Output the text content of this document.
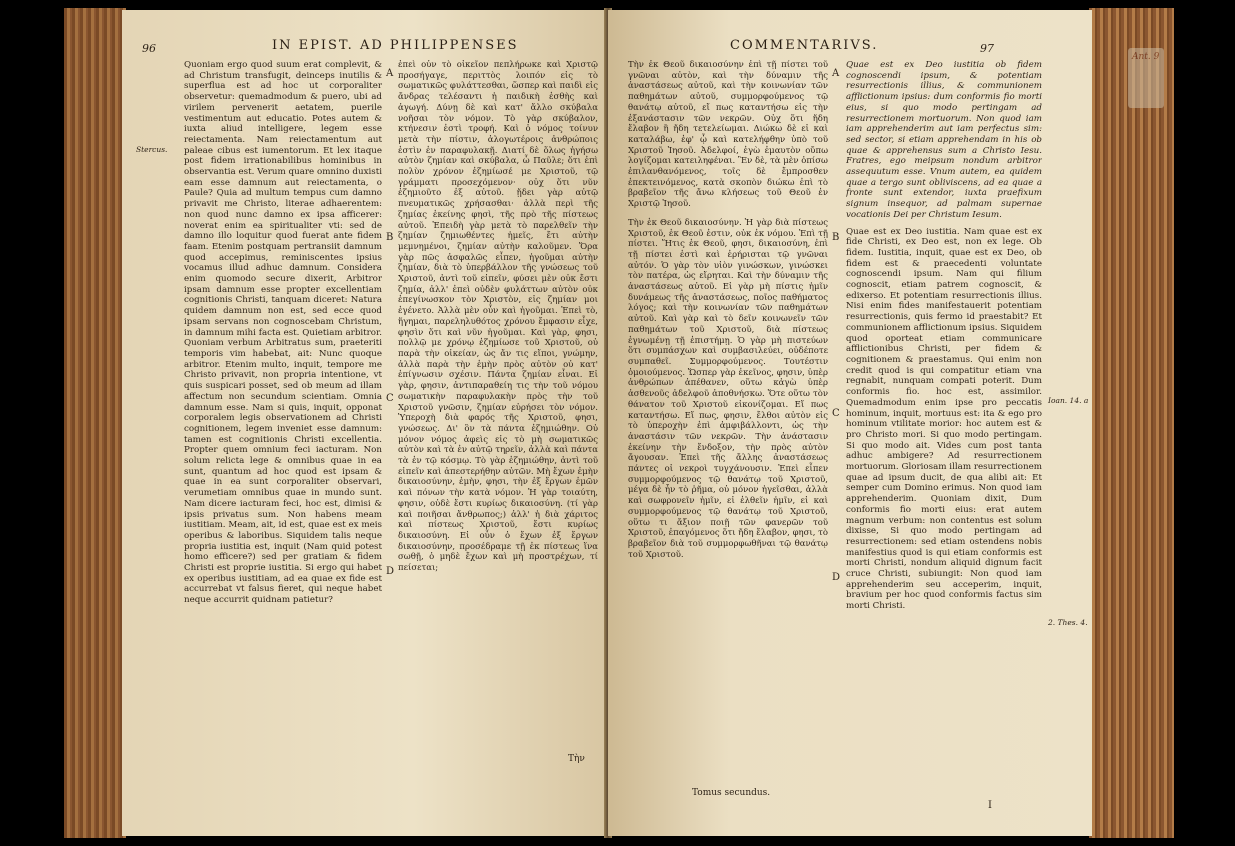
96	IN EPIST. AD PHILIPPENSES
Stercus.

Quoniam ergo quod suum erat complevit, & ad Christum transfugit, deinceps inutilis & superflua est ad hoc ut corporaliter observetur: quemadmodum & puero, ubi ad virilem pervenerit aetatem, puerile vestimentum aut educatio. Potes autem & iuxta aliud intelligere, legem esse reiectamenta. Nam reiectamentum aut paleae cibus est iumentorum. Et lex itaque post fidem irrationabilibus hominibus in observantia est. Verum quare omnino duxisti eam esse damnum aut reiectamenta, o Paule? Quia ad multum tempus cum damno privavit me Christo, literae adhaerentem: non quod nunc damno ex ipsa afficerer: noverat enim ea spiritualiter vti: sed de damno illo loquitur quod fuerat ante fidem faam. Etenim postquam pertransiit damnum quod accepimus, reminiscentes ipsius vocamus illud adhuc damnum. Considera enim quomodo secure dixerit, Arbitror ipsam damnum esse propter excellentiam cognitionis Christi, tanquam diceret: Natura quidem damnum non est, sed ecce quod ipsam servans non cognoscebam Christum, in damnum mihi facta est. Quietiam arbitror. Quoniam verbum Arbitratus sum, praeteriti temporis vim habebat, ait: Nunc quoque arbitror. Etenim multo, inquit, tempore me Christo privavit, non propria intentione, vt quis suspicari posset, sed ob meum ad illam affectum non secundum scientiam. Omnia damnum esse. Nam si quis, inquit, opponat corporalem legis observationem ad Christi cognitionem, legem inveniet esse damnum: tamen est cognitionis Christi excellentia. Propter quem omnium feci iacturam. Non solum relicta lege & omnibus quae in ea sunt, quantum ad hoc quod est ipsam & quae in ea sunt corporaliter observari, verumetiam omnibus quae in mundo sunt. Nam dicere iacturam feci, hoc est, dimisi & ipsis privatus sum. Non habens meam iustitiam. Meam, ait, id est, quae est ex meis operibus & laboribus. Siquidem talis neque propria iustitia est, inquit (Nam quid potest homo efficere?) sed per gratiam & fidem Christi est proprie iustitia. Si ergo qui habet ex operibus iustitiam, ad ea quae ex fide est accurrebat vt falsus fieret, qui neque habet neque accurrit quidnam patietur?

A
B
C
D

ἐπεὶ οὖν τὸ οἰκεῖον πεπλήρωκε καὶ Χριστῷ προσήγαγε, περιττὸς λοιπόν εἰς τὸ σωματικῶς φυλάττεσθαι, ὥσπερ καὶ παιδὶ εἰς ἄνδρας τελέσαντι ἡ παιδικὴ ἐσθὴς καὶ ἀγωγή. Δύνῃ δὲ καὶ κατ' ἄλλο σκύβαλα νοῆσαι τὸν νόμον. Τὸ γὰρ σκύβαλον, κτήνεσιν ἐστὶ τροφή. Καὶ ὁ νόμος τοίνυν μετὰ τὴν πίστιν, ἀλογωτέροις ἀνθρώποις ἐστὶν ἐν παραφυλακῇ. Διατί δὲ ὅλως ἡγήσω αὐτὸν ζημίαν καὶ σκύβαλα, ὦ Παῦλε; ὅτι ἐπὶ πολὺν χρόνον ἐζημίωσέ με Χριστοῦ, τῷ γράμματι προσεχόμενον· οὐχ ὅτι νῦν ἐζημιοῦτο ἐξ αὐτοῦ. ᾔδει γὰρ αὐτῷ πνευματικῶς χρήσασθαι· ἀλλὰ περὶ τῆς ζημίας ἐκείνης φησὶ, τῆς πρὸ τῆς πίστεως αὐτοῦ. Ἐπειδὴ γὰρ μετὰ τὸ παρελθεῖν τὴν ζημίαν ζημιωθέντες ἡμεῖς, ἔτι αὐτὴν μεμνημένοι, ζημίαν αὐτὴν καλοῦμεν. Ὅρα γὰρ πῶς ἀσφαλῶς εἶπεν, ἡγοῦμαι αὐτὴν ζημίαν, διὰ τὸ ὑπερβάλλον τῆς γνώσεως τοῦ Χριστοῦ, ἀντὶ τοῦ εἰπεῖν, φύσει μὲν οὐκ ἔστι ζημία, ἀλλ' ἐπεὶ οὐδὲν φυλάττων αὐτὸν οὐκ ἐπεγίνωσκον τὸν Χριστὸν, εἰς ζημίαν μοι ἐγένετο. Ἀλλὰ μὲν οὖν καὶ ἡγοῦμαι. Ἐπεὶ τὸ, ἥγημαι, παρεληλυθότος χρόνου ἔμφασιν εἶχε, φησὶν ὅτι καὶ νῦν ἡγοῦμαι. Καὶ γὰρ, φησι, πολλῷ με χρόνῳ ἐζημίωσε τοῦ Χριστοῦ, οὐ παρὰ τὴν οἰκείαν, ὡς ἄν τις εἴποι, γνώμην, ἀλλὰ παρὰ τὴν ἐμὴν πρὸς αὐτὸν οὐ κατ' ἐπίγνωσιν σχέσιν. Πάντα ζημίαν εἶναι. Εἰ γὰρ, φησιν, ἀντιπαραθείη τις τὴν τοῦ νόμου σωματικὴν παραφυλακὴν πρὸς τὴν τοῦ Χριστοῦ γνῶσιν, ζημίαν εὑρήσει τὸν νόμον. Ὑπεροχὴ διὰ φαρός τῆς Χριστοῦ, φησι, γνώσεως. Δι' ὃν τὰ πάντα ἐζημιώθην. Οὐ μόνον νόμος ἀφεὶς εἰς τὸ μὴ σωματικῶς αὐτὸν καὶ τὰ ἐν αὐτῷ τηρεῖν, ἀλλὰ καὶ πάντα τὰ ἐν τῷ κόσμῳ. Τὸ γὰρ ἐζημιώθην, ἀντὶ τοῦ εἰπεῖν καὶ ἀπεστερήθην αὐτῶν. Μὴ ἔχων ἐμὴν δικαιοσύνην, ἐμὴν, φησι, τὴν ἐξ ἔργων ἐμῶν καὶ πόνων τὴν κατὰ νόμον. Ἡ γὰρ τοιαύτη, φησιν, οὐδὲ ἔστι κυρίως δικαιοσύνη. (τί γὰρ καὶ ποιῆσαι ἄνθρωπος;) ἀλλ' ἡ διὰ χάριτος καὶ πίστεως Χριστοῦ, ἔστι κυρίως δικαιοσύνη. Εἰ οὖν ὁ ἔχων ἐξ ἔργων δικαιοσύνην, προσέδραμε τῇ ἐκ πίστεως ἵνα σωθῇ, ὁ μηδὲ ἔχων καὶ μὴ προστρέχων, τί πείσεται;

Τὴν
COMMENTARIVS.	97

Τὴν ἐκ Θεοῦ δικαιοσύνην ἐπὶ τῇ πίστει τοῦ γνῶναι αὐτὸν, καὶ τὴν δύναμιν τῆς ἀναστάσεως αὐτοῦ, καὶ τὴν κοινωνίαν τῶν παθημάτων αὐτοῦ, συμμορφούμενος τῷ θανάτῳ αὐτοῦ, εἴ πως καταντήσω εἰς τὴν ἐξανάστασιν τῶν νεκρῶν. Οὐχ ὅτι ἤδη ἔλαβον ἢ ἤδη τετελείωμαι. Διώκω δὲ εἰ καὶ καταλάβω, ἐφ' ᾧ καὶ κατελήφθην ὑπὸ τοῦ Χριστοῦ Ἰησοῦ. Ἀδελφοί, ἐγὼ ἐμαυτὸν οὔπω λογίζομαι κατειληφέναι. Ἓν δὲ, τὰ μὲν ὀπίσω ἐπιλανθανόμενος, τοῖς δὲ ἔμπροσθεν ἐπεκτεινόμενος, κατὰ σκοπὸν διώκω ἐπὶ τὸ βραβεῖον τῆς ἄνω κλήσεως τοῦ Θεοῦ ἐν Χριστῷ Ἰησοῦ.

Τὴν ἐκ Θεοῦ δικαιοσύνην. Ἡ γὰρ διὰ πίστεως Χριστοῦ, ἐκ Θεοῦ ἐστιν, οὐκ ἐκ νόμου. Ἐπὶ τῇ πίστει. Ἥτις ἐκ Θεοῦ, φησι, δικαιοσύνη, ἐπὶ τῇ πίστει ἐστὶ καὶ ἐρήρισται τῷ γνῶναι αὐτόν. Ὁ γὰρ τὸν υἱὸν γινώσκων, γινώσκει τὸν πατέρα, ὡς εἴρηται. Καὶ τὴν δύναμιν τῆς ἀναστάσεως αὐτοῦ. Εἰ γὰρ μὴ πίστις ἡμῖν δυνάμεως τῆς ἀναστάσεως, ποῖος παθήματος λόγος; καὶ τὴν κοινωνίαν τῶν παθημάτων αὐτοῦ. Καὶ γὰρ καὶ τὸ δεῖν κοινωνεῖν τῶν παθημάτων τοῦ Χριστοῦ, διὰ πίστεως ἐγνωμένῃ τῇ ἐπιστήμῃ. Ὁ γὰρ μὴ πιστεύων ὅτι συμπάσχων καὶ συμβασιλεύει, οὐδέποτε συμπαθεῖ. Συμμορφούμενος. Τουτέστιν ὁμοιούμενος. Ὥσπερ γὰρ ἐκεῖνος, φησιν, ὑπὲρ ἀνθρώπων ἀπέθανεν, οὕτω κἀγὼ ὑπὲρ ἀσθενοῦς ἀδελφοῦ ἀποθνήσκω. Ὅτε οὕτω τὸν θάνατον τοῦ Χριστοῦ εἰκονίζομαι. Εἴ πως καταντήσω. Εἴ πως, φησιν, ἔλθοι αὐτὸν εἰς τὸ ὑπεροχὴν ἐπὶ ἀμφιβάλλοντι, ὡς τὴν ἀναστάσιν τῶν νεκρῶν. Τὴν ἀνάστασιν ἐκείνην τὴν ἔνδοξον, τὴν πρὸς αὐτὸν ἄγουσαν. Ἐπεὶ τῆς ἄλλης ἀναστάσεως πάντες οἱ νεκροὶ τυγχάνουσιν. Ἐπεὶ εἶπεν συμμορφούμενος τῷ θανάτῳ τοῦ Χριστοῦ, μέγα δὲ ἦν τὸ ῥῆμα, οὐ μόνον ἡγεῖσθαι, ἀλλὰ καὶ σωφρονεῖν ἡμῖν, εἰ ἐλθεῖν ἡμῖν, εἰ καὶ συμμορφούμενος τῷ θανάτῳ τοῦ Χριστοῦ, οὕτω τι ἄξιον ποιῇ τῶν φανερῶν τοῦ Χριστοῦ, ἐπαγόμενος ὅτι ἤδη ἔλαβον, φησι, τὸ βραβεῖον διὰ τοῦ συμμορφωθῆναι τῷ θανάτῳ τοῦ Χριστοῦ.

A
B
C
D

Quae est ex Deo iustitia ob fidem cognoscendi ipsum, & potentiam resurrectionis illius, & communionem afflictionum ipsius: dum conformis fio morti eius, si quo modo pertingam ad resurrectionem mortuorum. Non quod iam iam apprehenderim aut iam perfectus sim: sed sector, si etiam apprehendam in his ob quae & apprehensus sum a Christo Iesu. Fratres, ego meipsum nondum arbitror assequutum esse. Vnum autem, ea quidem quae a tergo sunt obliviscens, ad ea quae a fronte sunt extendor, iuxta praefixum signum insequor, ad palmam supernae vocationis Dei per Christum Iesum.

Quae est ex Deo iustitia. Nam quae est ex fide Christi, ex Deo est, non ex lege. Ob fidem. Iustitia, inquit, quae est ex Deo, ob fidem est & praecedenti voluntate cognoscendi ipsum. Nam qui filium cognoscit, etiam patrem cognoscit, & edixerso. Et potentiam resurrectionis illius. Nisi enim fides manifestauerit potentiam resurrectionis, quis fermo id praestabit? Et communionem afflictionum ipsius. Siquidem quod oporteat etiam communicare afflictionibus Christi, per fidem & cognitionem & praestamus. Qui enim non credit quod is qui compatitur etiam vna regnabit, nunquam compati poterit. Dum conformis fio. hoc est, assimilor. Quemadmodum enim ipse pro peccatis hominum, inquit, mortuus est: ita & ego pro hominum vtilitate morior: hoc autem est & pro Christo mori. Si quo modo pertingam. Si quo modo ait. Vides cum post tanta adhuc ambigere? Ad resurrectionem mortuorum. Gloriosam illam resurrectionem quae ad ipsum ducit, de qua alibi ait: Et semper cum Domino erimus. Non quod iam apprehenderim. Quoniam dixit, Dum conformis fio morti eius: erat autem magnum verbum: non contentus est solum dixisse, Si quo modo pertingam ad resurrectionem: sed etiam ostendens nobis manifestius quod is qui etiam conformis est morti Christi, nondum aliquid dignum facit cruce Christi, subiungit: Non quod iam apprehenderim seu acceperim, inquit, bravium per hoc quod conformis factus sim morti Christi.

Ioan. 14. a
2. Thes. 4.
Tomus secundus.
I
Ant. 9
